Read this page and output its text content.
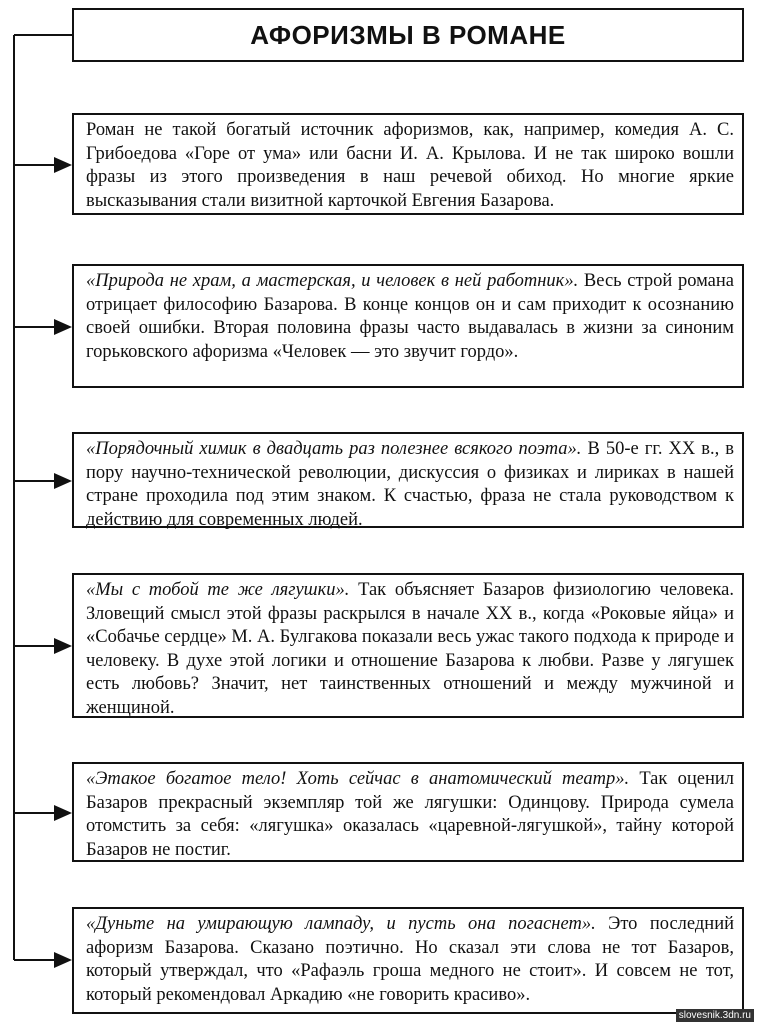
АФОРИЗМЫ В РОМАНЕ
Роман не такой богатый источник афоризмов, как, например, комедия А. С. Грибоедова «Горе от ума» или басни И. А. Крылова. И не так широко вошли фразы из этого произведения в наш речевой обиход. Но многие яркие высказывания стали визитной карточкой Евгения Базарова.
«Природа не храм, а мастерская, и человек в ней работник». Весь строй романа отрицает философию Базарова. В конце концов он и сам приходит к осознанию своей ошибки. Вторая половина фразы часто выдавалась в жизни за синоним горьковского афоризма «Человек — это звучит гордо».
«Порядочный химик в двадцать раз полезнее всякого поэта». В 50-е гг. XX в., в пору научно-технической революции, дискуссия о физиках и лириках в нашей стране проходила под этим знаком. К счастью, фраза не стала руководством к действию для современных людей.
«Мы с тобой те же лягушки». Так объясняет Базаров физиологию человека. Зловещий смысл этой фразы раскрылся в начале XX в., когда «Роковые яйца» и «Собачье сердце» М. А. Булгакова показали весь ужас такого подхода к природе и человеку. В духе этой логики и отношение Базарова к любви. Разве у лягушек есть любовь? Значит, нет таинственных отношений и между мужчиной и женщиной.
«Этакое богатое тело! Хоть сейчас в анатомический театр». Так оценил Базаров прекрасный экземпляр той же лягушки: Одинцову. Природа сумела отомстить за себя: «лягушка» оказалась «царевной-лягушкой», тайну которой Базаров не постиг.
«Дуньте на умирающую лампаду, и пусть она погаснет». Это последний афоризм Базарова. Сказано поэтично. Но сказал эти слова не тот Базаров, который утверждал, что «Рафаэль гроша медного не стоит». И совсем не тот, который рекомендовал Аркадию «не говорить красиво».
slovesnik.3dn.ru
